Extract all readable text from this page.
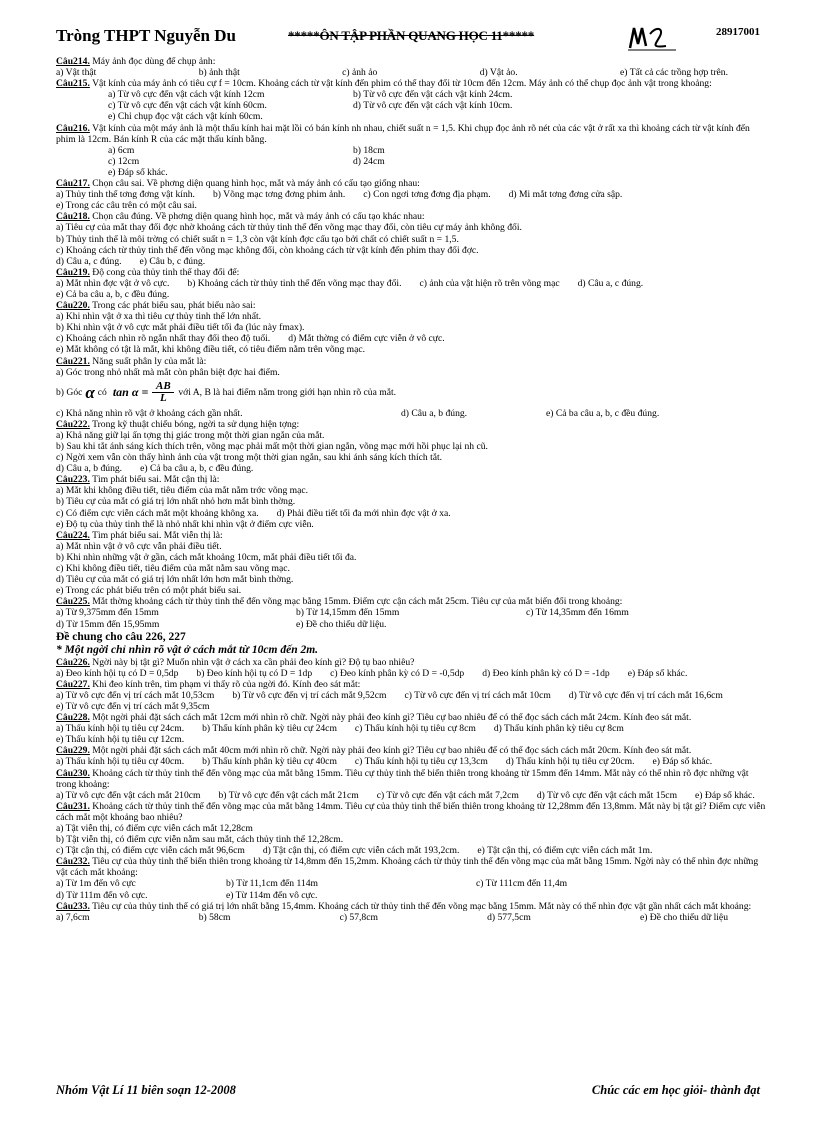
Tròng THPT Nguyễn Du	*****ÔN TẬP PHẦN QUANG HỌC 11*****	28917001
Câu214. Máy ảnh đọc dùng để chụp ảnh:
a) Vật thật	b) ảnh thật	c) ảnh ảo	d) Vật ảo.	e) Tất cả các trồng hợp trên.
Câu215. Vật kính của máy ảnh có tiêu cự f = 10cm. Khoảng cách từ vật kính đến phim có thể thay đổi từ 10cm đến 12cm. Máy ảnh có thể chụp đọc ảnh vật trong khoảng:
a) Từ vô cực đến vật cách vật kính 12cm	b) Từ vô cực đến vật cách vật kính 24cm.
c) Từ vô cực đến vật cách vật kính 60cm.	d) Từ vô cực đến vật cách vật kính 10cm.
e) Chỉ chụp đọc vật cách vật kính 60cm.
Câu216. Vật kính của một máy ảnh là một thấu kính hai mặt lồi có bán kính nh nhau, chiết suất n = 1,5. Khi chụp đọc ảnh rõ nét của các vật ở rất xa thì khoảng cách từ vật kính đến phim là 12cm. Bán kính R của các mặt thấu kính bằng.
a) 6cm	b) 18cm
c) 12cm	d) 24cm
e) Đáp số khác.
Câu217. Chọn câu sai. Về phơng diện quang hình học, mắt và máy ảnh có cấu tạo giống nhau:
a) Thủy tinh thể tơng đơng vật kính. b) Võng mạc tơng đơng phim ảnh. c) Con ngơi tơng đơng địa phạm. d) Mi mắt tơng đơng cửa sập.
e) Trong các câu trên có một câu sai.
Câu218. Chọn câu đúng. Về phơng diện quang hình học, mắt và máy ảnh có cấu tạo khác nhau:
a) Tiêu cự của mắt thay đổi đợc nhờ khoảng cách từ thủy tinh thể đến võng mạc thay đổi, còn tiêu cự máy ảnh không đổi.
b) Thủy tinh thể là môi trờng có chiết suất n = 1,3 còn vật kính đợc cấu tạo bởi chất có chiết suất n = 1,5.
c) Khoảng cách từ thủy tinh thể đến võng mạc không đổi, còn khoảng cách từ vật kính đến phim thay đổi đợc.
d) Câu a, c đúng. e) Câu b, c đúng.
Câu219. Độ cong của thủy tinh thể thay đổi để:
a) Mắt nhìn đợc vật ở vô cực. b) Khoảng cách từ thủy tinh thể đến võng mạc thay đổi. c) ảnh của vật hiện rõ trên võng mạc d) Câu a, c đúng.
e) Cả ba câu a, b, c đều đúng.
Câu220. Trong các phát biểu sau, phát biểu nào sai:
a) Khi nhìn vật ở xa thì tiêu cự thủy tinh thể lớn nhất.
b) Khi nhìn vật ở vô cực mắt phải điều tiết tối đa (lúc này fmax).
c) Khoảng cách nhìn rõ ngắn nhất thay đổi theo độ tuổi. d) Mắt thờng có điểm cực viễn ở vô cực.
e) Mắt không có tật là mắt, khi không điều tiết, có tiêu điểm nằm trên võng mạc.
Câu221. Năng suất phân ly của mắt là:
a) Góc trong nhỏ nhất mà mắt còn phân biệt đợc hai điểm.
b) Góc α có $\tan \alpha = \frac{AB}{L}$ với A, B là hai điểm nằm trong giới hạn nhìn rõ của mắt.
c) Khả năng nhìn rõ vật ở khoảng cách gần nhất.	d) Câu a, b đúng.	e) Cả ba câu a, b, c đều đúng.
Câu222. Trong kỹ thuật chiếu bóng, ngời ta sử dụng hiện tợng:
a) Khả năng giữ lại ấn tợng thị giác trong một thời gian ngắn của mắt.
b) Sau khi tắt ánh sáng kích thích trên, võng mạc phải mất một thời gian ngắn, võng mạc mới hồi phục lại nh cũ.
c) Ngời xem vẫn còn thấy hình ảnh của vật trong một thời gian ngắn, sau khi ánh sáng kích thích tắt.
d) Câu a, b đúng. e) Cả ba câu a, b, c đều đúng.
Câu223. Tìm phát biểu sai. Mắt cận thị là:
a) Mắt khi không điều tiết, tiêu điểm của mắt nằm trớc võng mạc.
b) Tiêu cự của mắt có giá trị lớn nhất nhỏ hơn mắt bình thờng.
c) Có điểm cực viễn cách mắt một khoảng không xa. d) Phải điều tiết tối đa mới nhìn đợc vật ở xa.
e) Độ tụ của thủy tinh thể là nhỏ nhất khi nhìn vật ở điểm cực viễn.
Câu224. Tìm phát biểu sai. Mắt viễn thị là:
a) Mắt nhìn vật ở vô cực vẫn phải điều tiết.
b) Khi nhìn những vật ở gần, cách mắt khoảng 10cm, mắt phải điều tiết tối đa.
c) Khi không điều tiết, tiêu điểm của mắt nằm sau võng mạc.
d) Tiêu cự của mắt có giá trị lớn nhất lớn hơn mắt bình thờng.
e) Trong các phát biểu trên có một phát biểu sai.
Câu225. Mắt thờng khoảng cách từ thủy tinh thể đến võng mạc bằng 15mm. Điểm cực cận cách mắt 25cm. Tiêu cự của mắt biến đổi trong khoảng:
a) Từ 9,375mm đến 15mm	b) Từ 14,15mm đến 15mm	c) Từ 14,35mm đến 16mm
d) Từ 15mm đến 15,95mm	e) Đề cho thiếu dữ liệu.
Đề chung cho câu 226, 227
* Một ngời chỉ nhìn rõ vật ở cách mắt từ 10cm đến 2m.
Câu226. Ngời này bị tật gì? Muốn nhìn vật ở cách xa cần phải đeo kính gì? Độ tụ bao nhiêu?
a) Đeo kính hội tụ có D = 0,5dp b) Đeo kính hội tụ có D = 1dp c) Đeo kính phân kỳ có D = -0,5dp d) Đeo kính phân kỳ có D = -1dp e) Đáp số khác.
Câu227. Khi đeo kính trên, tìm phạm vi thấy rõ của ngời đó. Kính đeo sát mắt:
a) Từ vô cực đến vị trí cách mắt 10,53cm b) Từ vô cực đến vị trí cách mắt 9,52cm c) Từ vô cực đến vị trí cách mắt 10cm d) Từ vô cực đến vị trí cách mắt 16,6cm
e) Từ vô cực đến vị trí cách mắt 9,35cm
Câu228. Một ngời phải đặt sách cách mắt 12cm mới nhìn rõ chữ. Ngời này phải đeo kính gì? Tiêu cự bao nhiêu để có thể đọc sách cách mắt 24cm. Kính đeo sát mắt.
a) Thấu kính hội tụ tiêu cự 24cm. b) Thấu kính phân kỳ tiêu cự 24cm c) Thấu kính hội tụ tiêu cự 8cm d) Thấu kính phân kỳ tiêu cự 8cm
e) Thấu kính hội tụ tiêu cự 12cm.
Câu229. Một ngời phải đặt sách cách mắt 40cm mới nhìn rõ chữ. Ngời này phải đeo kính gì? Tiêu cự bao nhiêu để có thể đọc sách cách mắt 20cm. Kính đeo sát mắt.
a) Thấu kính hội tụ tiêu cự 40cm. b) Thấu kính phân kỳ tiêu cự 40cm c) Thấu kính hội tụ tiêu cự 13,3cm d) Thấu kính hội tụ tiêu cự 20cm. e) Đáp số khác.
Câu230. Khoảng cách từ thủy tinh thể đến võng mạc của mắt bằng 15mm. Tiêu cự thủy tinh thể biến thiên trong khoảng từ 15mm đến 14mm. Mắt này có thể nhìn rõ đợc những vật trong khoảng:
a) Từ vô cực đến vật cách mắt 210cm b) Từ vô cực đến vật cách mắt 21cm c) Từ vô cực đến vật cách mắt 7,2cm d) Từ vô cực đến vật cách mắt 15cm e) Đáp số khác.
Câu231. Khoảng cách từ thủy tinh thể đến võng mạc của mắt bằng 14mm. Tiêu cự của thủy tinh thể biến thiên trong khoảng từ 12,28mm đến 13,8mm. Mắt này bị tật gì? Điểm cực viễn cách mắt một khoảng bao nhiêu?
a) Tật viễn thị, có điểm cực viễn cách mắt 12,28cm
b) Tật viễn thị, có điểm cực viễn nằm sau mắt, cách thủy tinh thể 12,28cm.
c) Tật cận thị, có điểm cực viễn cách mắt 96,6cm d) Tật cận thị, có điểm cực viễn cách mắt 193,2cm. e) Tật cận thị, có điểm cực viễn cách mắt 1m.
Câu232. Tiêu cự của thủy tinh thể biến thiên trong khoảng từ 14,8mm đến 15,2mm. Khoảng cách từ thủy tinh thể đến võng mạc của mắt bằng 15mm. Ngời này có thể nhìn đợc những vật cách mắt khoảng:
a) Từ 1m đến vô cực	b) Từ 11,1cm đến 114m	c) Từ 111cm đến 11,4m
d) Từ 111m đến vô cực.	e) Từ 114m đến vô cực.
Câu233. Tiêu cự của thủy tinh thể có giá trị lớn nhất bằng 15,4mm. Khoảng cách từ thủy tinh thể đến võng mạc bằng 15mm. Mắt này có thể nhìn đợc vật gần nhất cách mắt khoảng:
a) 7,6cm	b) 58cm	c) 57,8cm	d) 577,5cm	e) Đề cho thiếu dữ liệu
Nhóm Vật Lí 11 biên soạn 12-2008	Chúc các em học giỏi- thành đạt
